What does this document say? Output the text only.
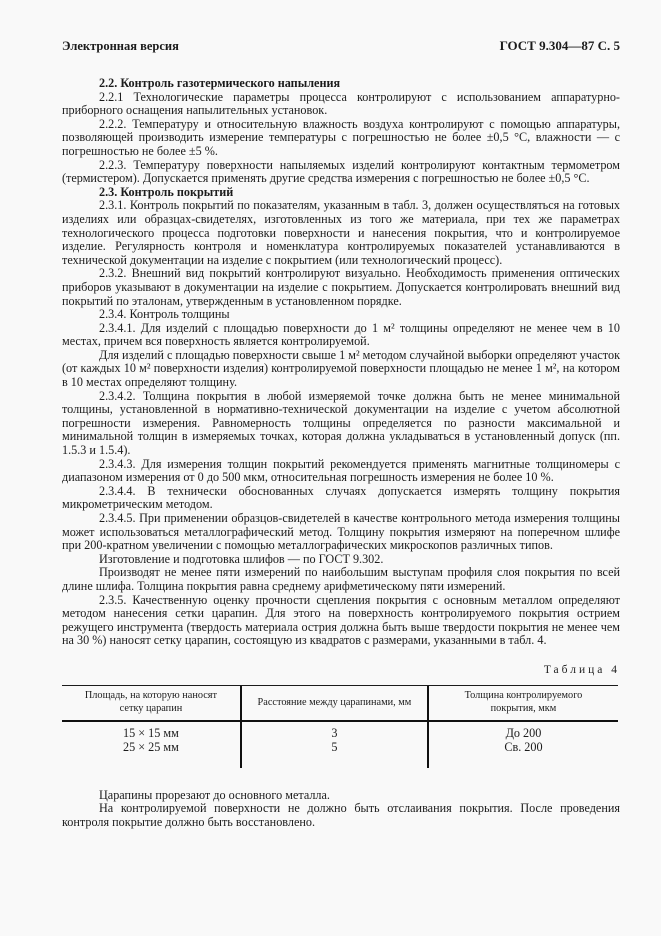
Электронная версия	ГОСТ 9.304—87 С. 5

2.2. Контроль газотермического напыления

2.2.1 Технологические параметры процесса контролируют с использованием аппаратурно-приборного оснащения напылительных установок.

2.2.2. Температуру и относительную влажность воздуха контролируют с помощью аппаратуры, позволяющей производить измерение температуры с погрешностью не более ±0,5 °С, влажности — с погрешностью не более ±5 %.

2.2.3. Температуру поверхности напыляемых изделий контролируют контактным термометром (термистером). Допускается применять другие средства измерения с погрешностью не более ±0,5 °С.

2.3. Контроль покрытий

2.3.1. Контроль покрытий по показателям, указанным в табл. 3, должен осуществляться на готовых изделиях или образцах-свидетелях, изготовленных из того же материала, при тех же параметрах технологического процесса подготовки поверхности и нанесения покрытия, что и контролируемое изделие. Регулярность контроля и номенклатура контролируемых показателей устанавливаются в технической документации на изделие с покрытием (или технологический процесс).

2.3.2. Внешний вид покрытий контролируют визуально. Необходимость применения оптических приборов указывают в документации на изделие с покрытием. Допускается контролировать внешний вид покрытий по эталонам, утвержденным в установленном порядке.

2.3.4. Контроль толщины

2.3.4.1. Для изделий с площадью поверхности до 1 м² толщины определяют не менее чем в 10 местах, причем вся поверхность является контролируемой.

Для изделий с площадью поверхности свыше 1 м² методом случайной выборки определяют участок (от каждых 10 м² поверхности изделия) контролируемой поверхности площадью не менее 1 м², на котором в 10 местах определяют толщину.

2.3.4.2. Толщина покрытия в любой измеряемой точке должна быть не менее минимальной толщины, установленной в нормативно-технической документации на изделие с учетом абсолютной погрешности измерения. Равномерность толщины определяется по разности максимальной и минимальной толщин в измеряемых точках, которая должна укладываться в установленный допуск (пп. 1.5.3 и 1.5.4).

2.3.4.3. Для измерения толщин покрытий рекомендуется применять магнитные толщиномеры с диапазоном измерения от 0 до 500 мкм, относительная погрешность измерения не более 10 %.

2.3.4.4. В технически обоснованных случаях допускается измерять толщину покрытия микрометрическим методом.

2.3.4.5. При применении образцов-свидетелей в качестве контрольного метода измерения толщины может использоваться металлографический метод. Толщину покрытия измеряют на поперечном шлифе при 200-кратном увеличении с помощью металлографических микроскопов различных типов.

Изготовление и подготовка шлифов — по ГОСТ 9.302.

Производят не менее пяти измерений по наибольшим выступам профиля слоя покрытия по всей длине шлифа. Толщина покрытия равна среднему арифметическому пяти измерений.

2.3.5. Качественную оценку прочности сцепления покрытия с основным металлом определяют методом нанесения сетки царапин. Для этого на поверхность контролируемого покрытия острием режущего инструмента (твердость материала острия должна быть выше твердости покрытия не менее чем на 30 %) наносят сетку царапин, состоящую из квадратов с размерами, указанными в табл. 4.

Таблица 4
Площадь, на которую наносят сетку царапин
15 × 15 мм
25 × 25 мм
Расстояние между царапинами, мм
3
5
Толщина контролируемого покрытия, мкм
До 200
Св. 200

Царапины прорезают до основного металла.

На контролируемой поверхности не должно быть отслаивания покрытия. После проведения контроля покрытие должно быть восстановлено.
